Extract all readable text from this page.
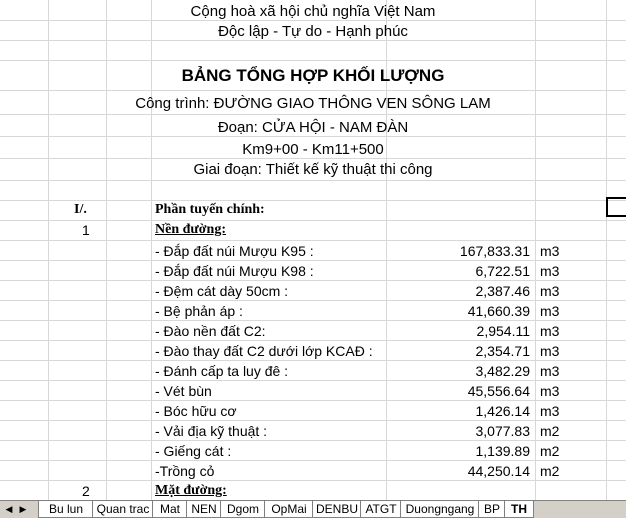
Cộng hoà xã hội chủ nghĩa Việt Nam
Độc lập - Tự do - Hạnh phúc
BẢNG TỔNG HỢP KHỐI LƯỢNG
Công trình: ĐƯỜNG GIAO THÔNG VEN SÔNG LAM
Đoạn: CỬA HỘI - NAM ĐÀN
Km9+00 - Km11+500
Giai đoạn: Thiết kế kỹ thuật thi công
I/.	Phần tuyến chính:
1	Nền đường:
- Đắp đất núi Mượu K95 :	167,833.31 m3
- Đắp đất núi Mượu K98 :	6,722.51 m3
- Đệm cát dày 50cm :	2,387.46 m3
- Bệ phản áp :	41,660.39 m3
- Đào nền đất C2:	2,954.11 m3
- Đào thay đất C2 dưới lớp KCAĐ :	2,354.71 m3
- Đánh cấp ta luy đê :	3,482.29 m3
- Vét bùn	45,556.64 m3
- Bóc hữu cơ	1,426.14 m3
- Vải địa kỹ thuật :	3,077.83 m2
- Giếng cát :	1,139.89 m2
-Trồng cỏ	44,250.14 m2
2	Mặt đường:
◀ ▶	Bu lun	Quan trac Mat NEN Dgom	OpMai DENBU ATGT Duongngang BP TH
